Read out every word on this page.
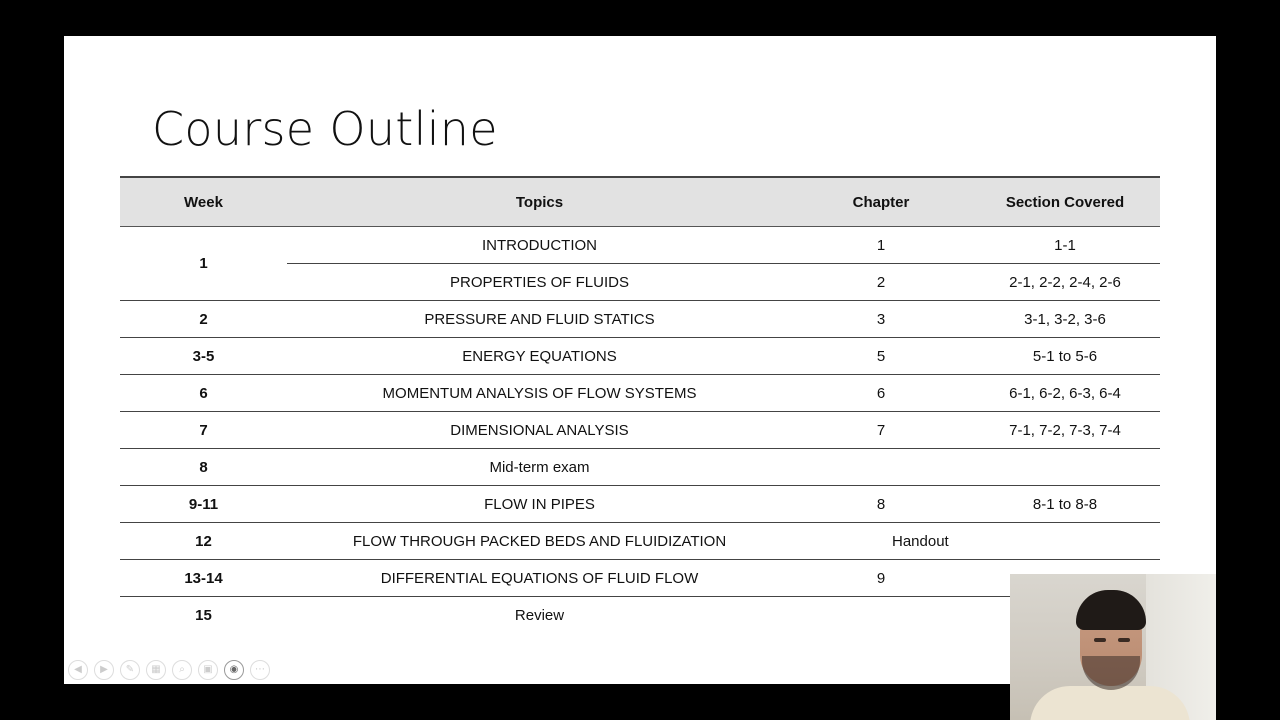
Course Outline
Week	Topics	Chapter	Section Covered
1	INTRODUCTION	1	1-1
	PROPERTIES OF FLUIDS	2	2-1, 2-2, 2-4, 2-6
2	PRESSURE AND FLUID STATICS	3	3-1, 3-2, 3-6
3-5	ENERGY EQUATIONS	5	5-1 to 5-6
6	MOMENTUM ANALYSIS OF FLOW SYSTEMS	6	6-1, 6-2, 6-3, 6-4
7	DIMENSIONAL ANALYSIS	7	7-1, 7-2, 7-3, 7-4
8	Mid-term exam		
9-11	FLOW IN PIPES	8	8-1 to 8-8
12	FLOW THROUGH PACKED BEDS AND FLUIDIZATION	Handout	
13-14	DIFFERENTIAL EQUATIONS OF FLUID FLOW	9	
15	Review		
◀	▶	✎	▦	⌕	▣	◉	⋯
